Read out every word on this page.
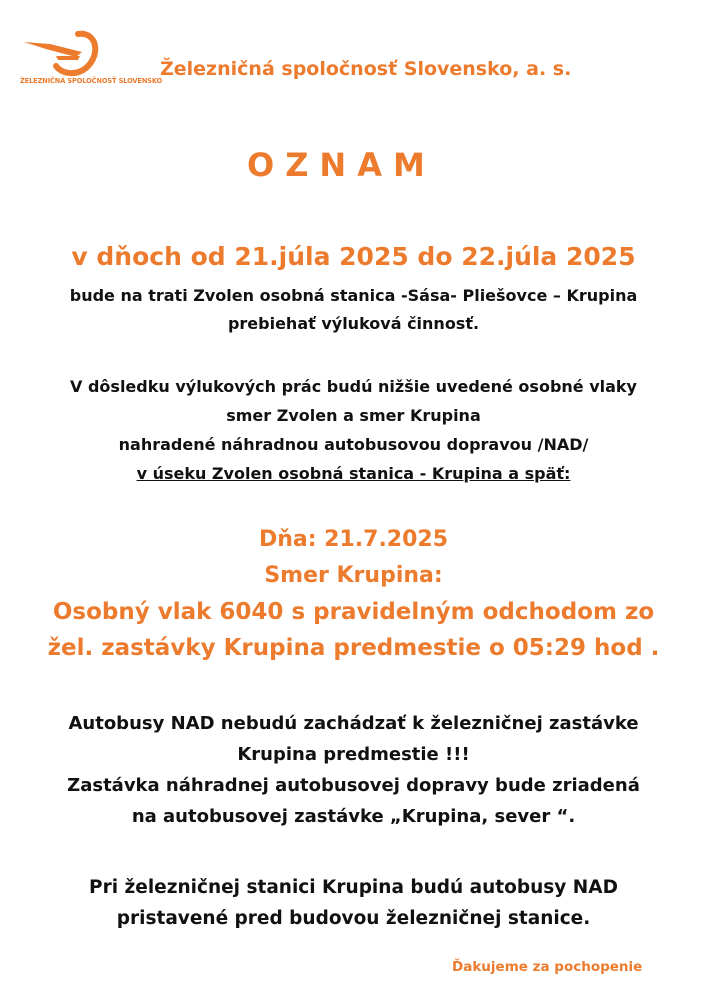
ŽELEZNIČNÁ SPOLOČNOSŤ SLOVENSKO
Železničná spoločnosť Slovensko, a. s.
OZNAM
v dňoch od 21.júla 2025 do 22.júla 2025
bude na trati Zvolen osobná stanica -Sása- Pliešovce – Krupina
prebiehať výluková činnosť.
V dôsledku výlukových prác budú nižšie uvedené osobné vlaky
smer Zvolen a smer Krupina
nahradené náhradnou autobusovou dopravou /NAD/
v úseku Zvolen osobná stanica - Krupina a späť:
Dňa: 21.7.2025
Smer Krupina:
Osobný vlak 6040 s pravidelným odchodom zo
žel. zastávky Krupina predmestie o 05:29 hod .
Autobusy NAD nebudú zachádzať k železničnej zastávke
Krupina predmestie !!!
Zastávka náhradnej autobusovej dopravy bude zriadená
na autobusovej zastávke „Krupina, sever “.
Pri železničnej stanici Krupina budú autobusy NAD
pristavené pred budovou železničnej stanice.
Ďakujeme za pochopenie
